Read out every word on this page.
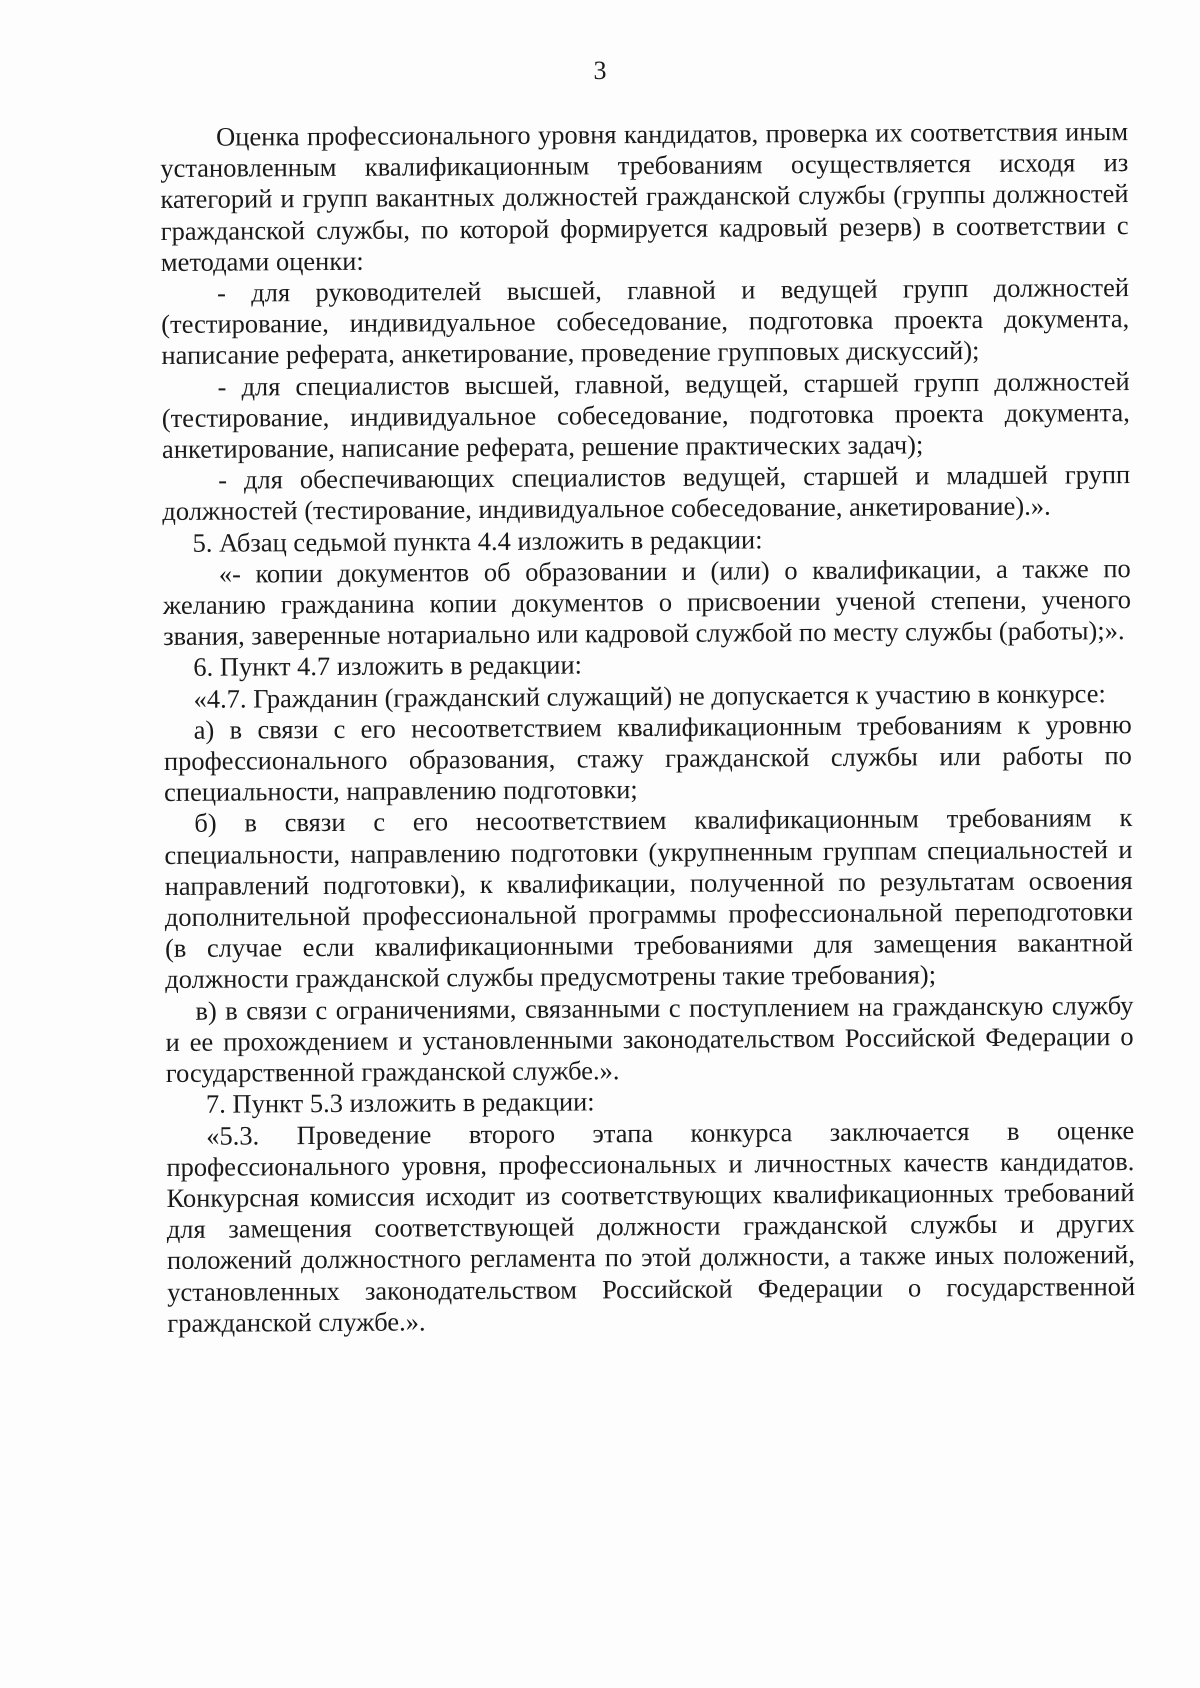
3

Оценка профессионального уровня кандидатов, проверка их соответствия иным установленным квалификационным требованиям осуществляется исходя из категорий и групп вакантных должностей гражданской службы (группы должностей гражданской службы, по которой формируется кадровый резерв) в соответствии с методами оценки:

- для руководителей высшей, главной и ведущей групп должностей (тестирование, индивидуальное собеседование, подготовка проекта документа, написание реферата, анкетирование, проведение групповых дискуссий);

- для специалистов высшей, главной, ведущей, старшей групп должностей (тестирование, индивидуальное собеседование, подготовка проекта документа, анкетирование, написание реферата, решение практических задач);

- для обеспечивающих специалистов ведущей, старшей и младшей групп должностей (тестирование, индивидуальное собеседование, анкетирование).».

5. Абзац седьмой пункта 4.4 изложить в редакции:

«- копии документов об образовании и (или) о квалификации, а также по желанию гражданина копии документов о присвоении ученой степени, ученого звания, заверенные нотариально или кадровой службой по месту службы (работы);».

6. Пункт 4.7 изложить в редакции:

«4.7. Гражданин (гражданский служащий) не допускается к участию в конкурсе:

а) в связи с его несоответствием квалификационным требованиям к уровню профессионального образования, стажу гражданской службы или работы по специальности, направлению подготовки;

б) в связи с его несоответствием квалификационным требованиям к специальности, направлению подготовки (укрупненным группам специальностей и направлений подготовки), к квалификации, полученной по результатам освоения дополнительной профессиональной программы профессиональной переподготовки (в случае если квалификационными требованиями для замещения вакантной должности гражданской службы предусмотрены такие требования);

в) в связи с ограничениями, связанными с поступлением на гражданскую службу и ее прохождением и установленными законодательством Российской Федерации о государственной гражданской службе.».

7. Пункт 5.3 изложить в редакции:

«5.3. Проведение второго этапа конкурса заключается в оценке профессионального уровня, профессиональных и личностных качеств кандидатов. Конкурсная комиссия исходит из соответствующих квалификационных требований для замещения соответствующей должности гражданской службы и других положений должностного регламента по этой должности, а также иных положений, установленных законодательством Российской Федерации о государственной гражданской службе.».
